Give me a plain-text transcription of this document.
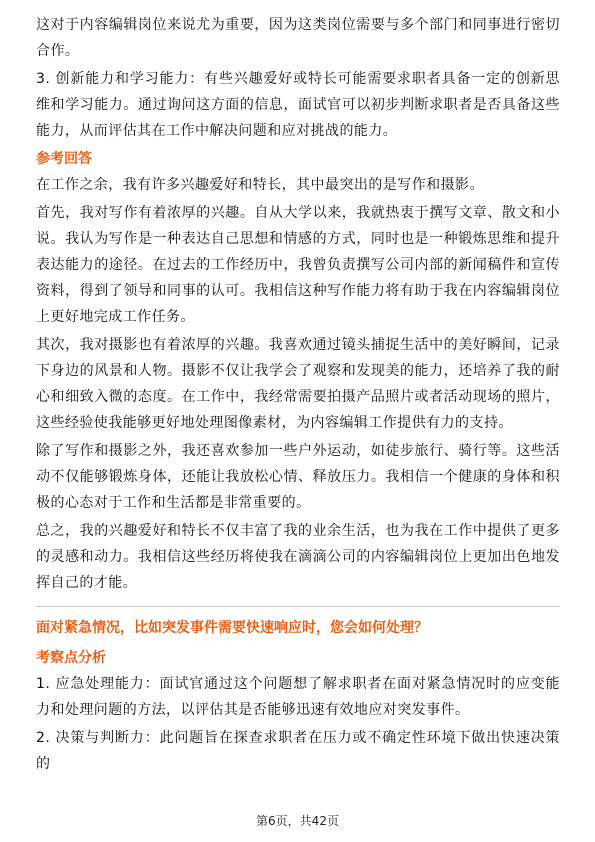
这对于内容编辑岗位来说尤为重要，因为这类岗位需要与多个部门和同事进行密切合作。

3. 创新能力和学习能力：有些兴趣爱好或特长可能需要求职者具备一定的创新思维和学习能力。通过询问这方面的信息，面试官可以初步判断求职者是否具备这些能力，从而评估其在工作中解决问题和应对挑战的能力。

参考回答

在工作之余，我有许多兴趣爱好和特长，其中最突出的是写作和摄影。

首先，我对写作有着浓厚的兴趣。自从大学以来，我就热衷于撰写文章、散文和小说。我认为写作是一种表达自己思想和情感的方式，同时也是一种锻炼思维和提升表达能力的途径。在过去的工作经历中，我曾负责撰写公司内部的新闻稿件和宣传资料，得到了领导和同事的认可。我相信这种写作能力将有助于我在内容编辑岗位上更好地完成工作任务。

其次，我对摄影也有着浓厚的兴趣。我喜欢通过镜头捕捉生活中的美好瞬间，记录下身边的风景和人物。摄影不仅让我学会了观察和发现美的能力，还培养了我的耐心和细致入微的态度。在工作中，我经常需要拍摄产品照片或者活动现场的照片，这些经验使我能够更好地处理图像素材，为内容编辑工作提供有力的支持。

除了写作和摄影之外，我还喜欢参加一些户外运动，如徒步旅行、骑行等。这些活动不仅能够锻炼身体，还能让我放松心情、释放压力。我相信一个健康的身体和积极的心态对于工作和生活都是非常重要的。

总之，我的兴趣爱好和特长不仅丰富了我的业余生活，也为我在工作中提供了更多的灵感和动力。我相信这些经历将使我在滴滴公司的内容编辑岗位上更加出色地发挥自己的才能。

面对紧急情况，比如突发事件需要快速响应时，您会如何处理？
考察点分析

1. 应急处理能力：面试官通过这个问题想了解求职者在面对紧急情况时的应变能力和处理问题的方法，以评估其是否能够迅速有效地应对突发事件。

2. 决策与判断力：此问题旨在探查求职者在压力或不确定性环境下做出快速决策的

第6页，共42页
